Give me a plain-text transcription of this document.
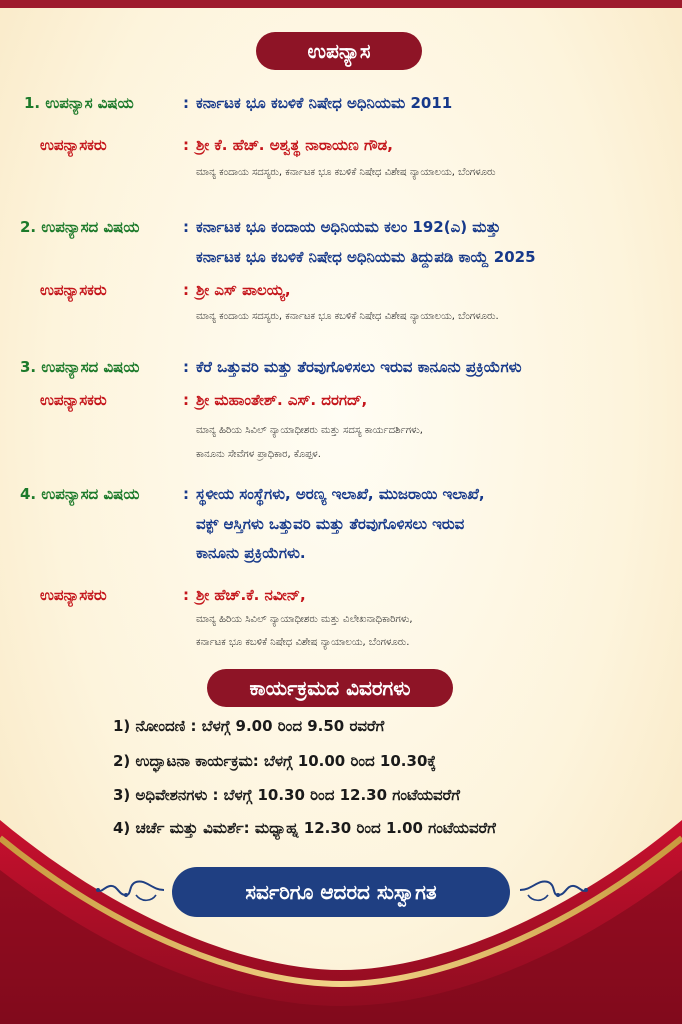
ಉಪನ್ಯಾಸ
1. ಉಪನ್ಯಾಸ ವಿಷಯ	: ಕರ್ನಾಟಕ ಭೂ ಕಬಳಿಕೆ ನಿಷೇಧ ಅಧಿನಿಯಮ 2011
ಉಪನ್ಯಾಸಕರು	: ಶ್ರೀ ಕೆ. ಹೆಚ್. ಅಶ್ವತ್ಥ ನಾರಾಯಣ ಗೌಡ,
ಮಾನ್ಯ ಕಂದಾಯ ಸದಸ್ಯರು, ಕರ್ನಾಟಕ ಭೂ ಕಬಳಿಕೆ ನಿಷೇಧ ವಿಶೇಷ ನ್ಯಾಯಾಲಯ, ಬೆಂಗಳೂರು
2. ಉಪನ್ಯಾಸದ ವಿಷಯ	: ಕರ್ನಾಟಕ ಭೂ ಕಂದಾಯ ಅಧಿನಿಯಮ ಕಲಂ 192(ಎ) ಮತ್ತು
ಕರ್ನಾಟಕ ಭೂ ಕಬಳಿಕೆ ನಿಷೇಧ ಅಧಿನಿಯಮ ತಿದ್ದುಪಡಿ ಕಾಯ್ದೆ 2025
ಉಪನ್ಯಾಸಕರು	: ಶ್ರೀ ಎಸ್ ಪಾಲಯ್ಯ,
ಮಾನ್ಯ ಕಂದಾಯ ಸದಸ್ಯರು, ಕರ್ನಾಟಕ ಭೂ ಕಬಳಿಕೆ ನಿಷೇಧ ವಿಶೇಷ ನ್ಯಾಯಾಲಯ, ಬೆಂಗಳೂರು.
3. ಉಪನ್ಯಾಸದ ವಿಷಯ	: ಕೆರೆ ಒತ್ತುವರಿ ಮತ್ತು ತೆರವುಗೊಳಿಸಲು ಇರುವ ಕಾನೂನು ಪ್ರಕ್ರಿಯೆಗಳು
ಉಪನ್ಯಾಸಕರು	: ಶ್ರೀ ಮಹಾಂತೇಶ್. ಎಸ್. ದರಗದ್,
ಮಾನ್ಯ ಹಿರಿಯ ಸಿವಿಲ್ ನ್ಯಾಯಾಧೀಶರು ಮತ್ತು ಸದಸ್ಯ ಕಾರ್ಯದರ್ಶಿಗಳು,
ಕಾನೂನು ಸೇವೆಗಳ ಪ್ರಾಧಿಕಾರ, ಕೊಪ್ಪಳ.
4. ಉಪನ್ಯಾಸದ ವಿಷಯ	: ಸ್ಥಳೀಯ ಸಂಸ್ಥೆಗಳು, ಅರಣ್ಯ ಇಲಾಖೆ, ಮುಜರಾಯಿ ಇಲಾಖೆ,
ವಕ್ಫ್ ಆಸ್ತಿಗಳು ಒತ್ತುವರಿ ಮತ್ತು ತೆರವುಗೊಳಿಸಲು ಇರುವ
ಕಾನೂನು ಪ್ರಕ್ರಿಯೆಗಳು.
ಉಪನ್ಯಾಸಕರು	: ಶ್ರೀ ಹೆಚ್.ಕೆ. ನವೀನ್,
ಮಾನ್ಯ ಹಿರಿಯ ಸಿವಿಲ್ ನ್ಯಾಯಾಧೀಶರು ಮತ್ತು ವಿಲೇಖನಾಧಿಕಾರಿಗಳು,
ಕರ್ನಾಟಕ ಭೂ ಕಬಳಿಕೆ ನಿಷೇಧ ವಿಶೇಷ ನ್ಯಾಯಾಲಯ, ಬೆಂಗಳೂರು.
ಕಾರ್ಯಕ್ರಮದ ವಿವರಗಳು
1) ನೋಂದಣಿ : ಬೆಳಗ್ಗೆ 9.00 ರಿಂದ 9.50 ರವರೆಗೆ
2) ಉದ್ಘಾಟನಾ ಕಾರ್ಯಕ್ರಮ: ಬೆಳಗ್ಗೆ 10.00 ರಿಂದ 10.30ಕ್ಕೆ
3) ಅಧಿವೇಶನಗಳು : ಬೆಳಗ್ಗೆ 10.30 ರಿಂದ 12.30 ಗಂಟೆಯವರೆಗೆ
4) ಚರ್ಚೆ ಮತ್ತು ವಿಮರ್ಶೆ: ಮಧ್ಯಾಹ್ನ 12.30 ರಿಂದ 1.00 ಗಂಟೆಯವರೆಗೆ
ಸರ್ವರಿಗೂ ಆದರದ ಸುಸ್ವಾಗತ
